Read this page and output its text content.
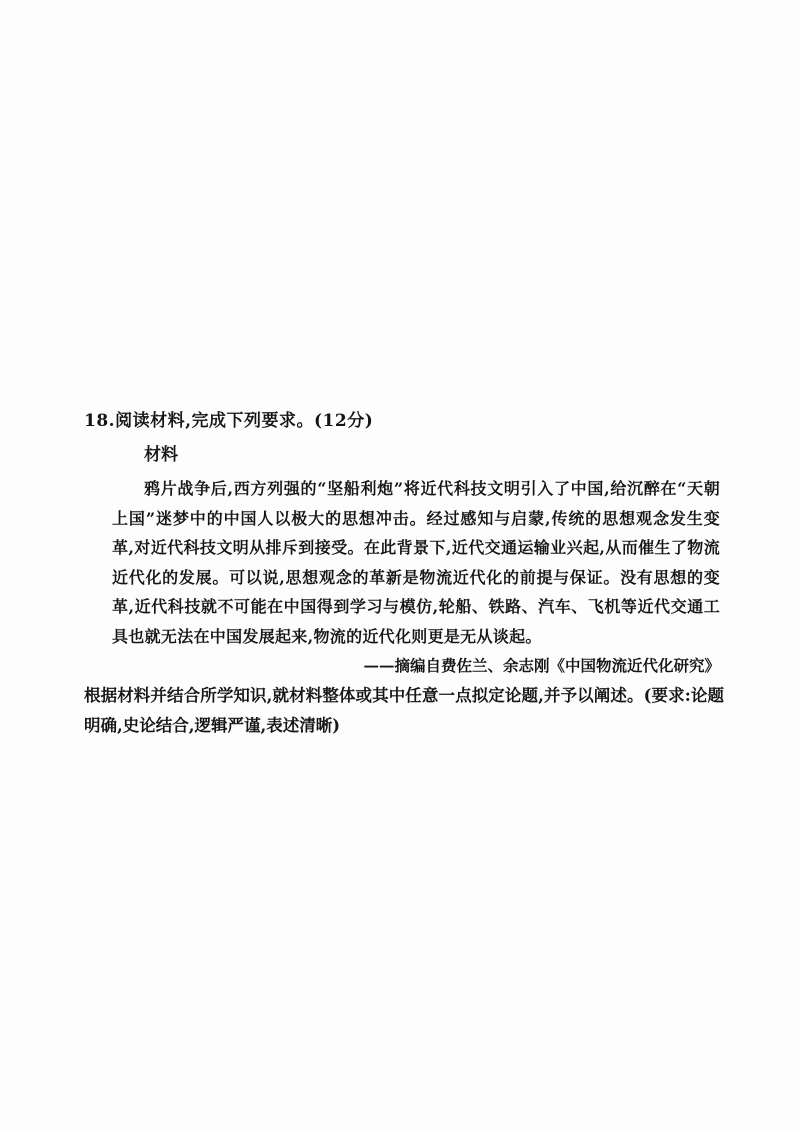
18.阅读材料,完成下列要求。(12分)
材料

鸦片战争后,西方列强的“坚船利炮”将近代科技文明引入了中国,给沉醉在“天朝上国”迷梦中的中国人以极大的思想冲击。经过感知与启蒙,传统的思想观念发生变革,对近代科技文明从排斥到接受。在此背景下,近代交通运输业兴起,从而催生了物流近代化的发展。可以说,思想观念的革新是物流近代化的前提与保证。没有思想的变革,近代科技就不可能在中国得到学习与模仿,轮船、铁路、汽车、飞机等近代交通工具也就无法在中国发展起来,物流的近代化则更是无从谈起。

——摘编自费佐兰、余志刚《中国物流近代化研究》
根据材料并结合所学知识,就材料整体或其中任意一点拟定论题,并予以阐述。(要求:论题明确,史论结合,逻辑严谨,表述清晰)
